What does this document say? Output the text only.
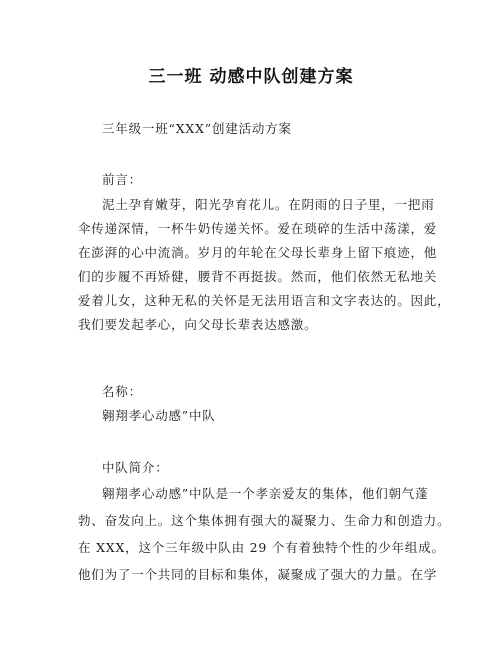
三一班 动感中队创建方案
三年级一班“XXX”创建活动方案
前言：
泥土孕育嫩芽，阳光孕育花儿。在阴雨的日子里，一把雨
伞传递深情，一杯牛奶传递关怀。爱在琐碎的生活中荡漾，爱
在澎湃的心中流淌。岁月的年轮在父母长辈身上留下痕迹，他
们的步履不再矫健，腰背不再挺拔。然而，他们依然无私地关
爱着儿女，这种无私的关怀是无法用语言和文字表达的。因此，
我们要发起孝心，向父母长辈表达感激。
名称：
翱翔孝心动感”中队
中队简介：
翱翔孝心动感”中队是一个孝亲爱友的集体，他们朝气蓬
勃、奋发向上。这个集体拥有强大的凝聚力、生命力和创造力。
在 XXX，这个三年级中队由 29 个有着独特个性的少年组成。
他们为了一个共同的目标和集体，凝聚成了强大的力量。在学
